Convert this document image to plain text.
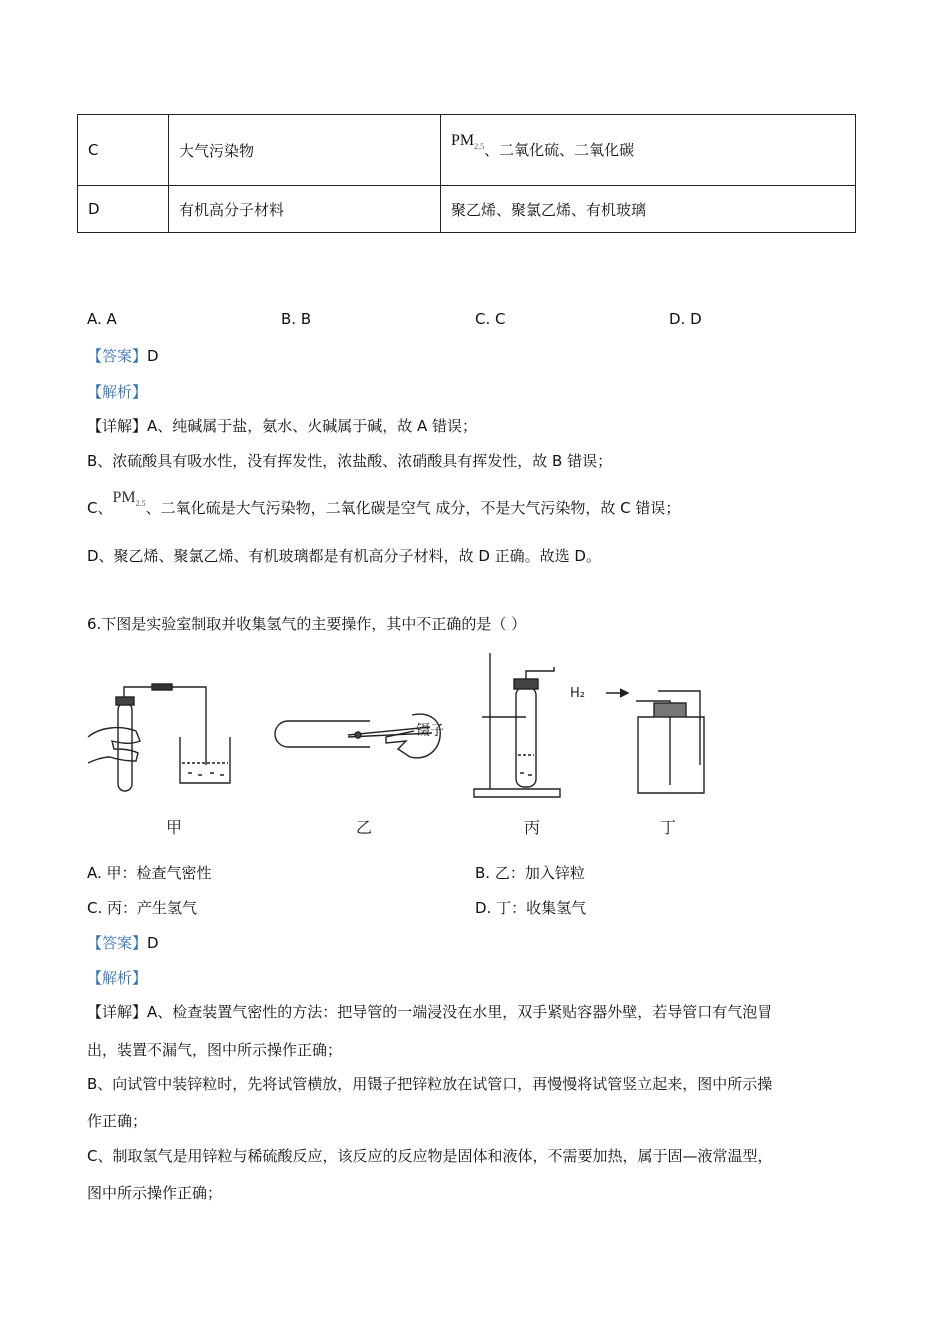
C	大气污染物	$PM_{2.5}$、二氧化硫、二氧化碳
D	有机高分子材料	聚乙烯、聚氯乙烯、有机玻璃
A. A	B. B	C. C	D. D
【答案】D
【解析】
【详解】A、纯碱属于盐，氨水、火碱属于碱，故 A 错误；
B、浓硫酸具有吸水性，没有挥发性，浓盐酸、浓硝酸具有挥发性，故 B 错误；
C、$PM_{2.5}$、二氧化硫是大气污染物，二氧化碳是空气 成分，不是大气污染物，故 C 错误；
D、聚乙烯、聚氯乙烯、有机玻璃都是有机高分子材料，故 D 正确。故选 D。
6.下图是实验室制取并收集氢气的主要操作，其中不正确的是（ ）
镊子
H₂
甲	乙	丙	丁
A. 甲：检查气密性	B. 乙：加入锌粒
C. 丙：产生氢气	D. 丁：收集氢气
【答案】D
【解析】
【详解】A、检查装置气密性的方法：把导管的一端浸没在水里，双手紧贴容器外壁，若导管口有气泡冒
出，装置不漏气，图中所示操作正确；
B、向试管中装锌粒时，先将试管横放，用镊子把锌粒放在试管口，再慢慢将试管竖立起来，图中所示操
作正确；
C、制取氢气是用锌粒与稀硫酸反应，该反应的反应物是固体和液体，不需要加热，属于固—液常温型，
图中所示操作正确；
